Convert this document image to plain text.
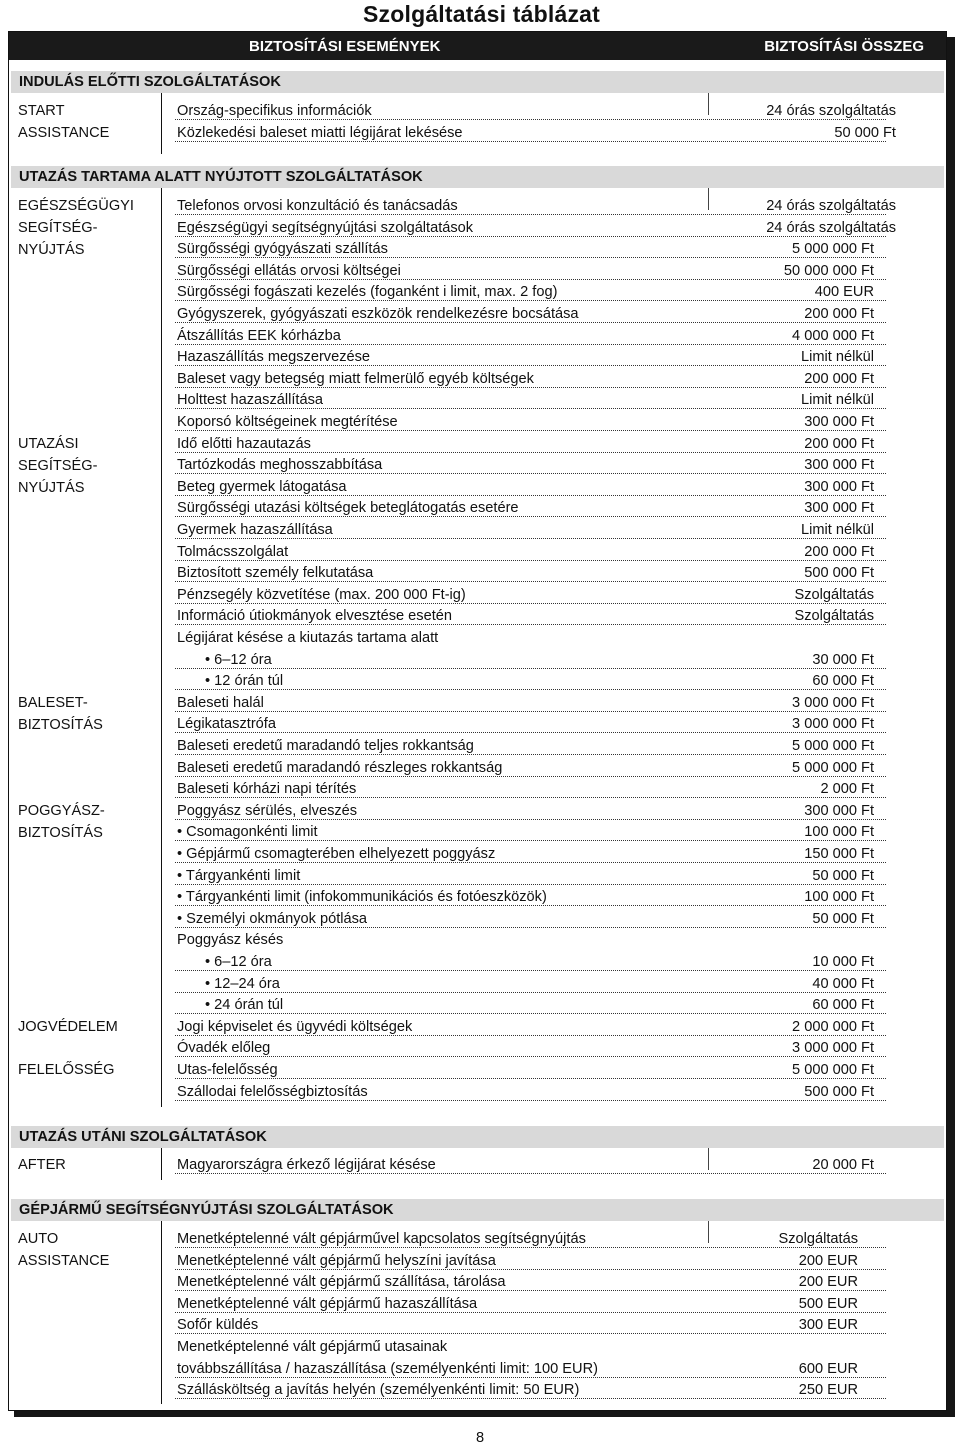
Szolgáltatási táblázat
BIZTOSÍTÁSI ESEMÉNYEK	BIZTOSÍTÁSI ÖSSZEG
INDULÁS ELŐTTI SZOLGÁLTATÁSOK
START
ASSISTANCE
Ország-specifikus információk	24 órás szolgáltatás
Közlekedési baleset miatti légijárat lekésése	50 000 Ft
UTAZÁS TARTAMA ALATT NYÚJTOTT SZOLGÁLTATÁSOK
EGÉSZSÉGÜGYI
SEGÍTSÉG-
NYÚJTÁS
Telefonos orvosi konzultáció és tanácsadás	24 órás szolgáltatás
Egészségügyi segítségnyújtási szolgáltatások	24 órás szolgáltatás
Sürgősségi gyógyászati szállítás	5 000 000 Ft
Sürgősségi ellátás orvosi költségei	50 000 000 Ft
Sürgősségi fogászati kezelés (foganként i limit, max. 2 fog)	400 EUR
Gyógyszerek, gyógyászati eszközök rendelkezésre bocsátása	200 000 Ft
Átszállítás EEK kórházba	4 000 000 Ft
Hazaszállítás megszervezése	Limit nélkül
Baleset vagy betegség miatt felmerülő egyéb költségek	200 000 Ft
Holttest hazaszállítása	Limit nélkül
Koporsó költségeinek megtérítése	300 000 Ft
UTAZÁSI
SEGÍTSÉG-
NYÚJTÁS
Idő előtti hazautazás	200 000 Ft
Tartózkodás meghosszabbítása	300 000 Ft
Beteg gyermek látogatása	300 000 Ft
Sürgősségi utazási költségek beteglátogatás esetére	300 000 Ft
Gyermek hazaszállítása	Limit nélkül
Tolmácsszolgálat	200 000 Ft
Biztosított személy felkutatása	500 000 Ft
Pénzsegély közvetítése (max. 200 000 Ft-ig)	Szolgáltatás
Információ útiokmányok elvesztése esetén	Szolgáltatás
Légijárat késése a kiutazás tartama alatt
• 6–12 óra	30 000 Ft
• 12 órán túl	60 000 Ft
BALESET-
BIZTOSÍTÁS
Baleseti halál	3 000 000 Ft
Légikatasztrófa	3 000 000 Ft
Baleseti eredetű maradandó teljes rokkantság	5 000 000 Ft
Baleseti eredetű maradandó részleges rokkantság	5 000 000 Ft
Baleseti kórházi napi térítés	2 000 Ft
POGGYÁSZ-
BIZTOSÍTÁS
Poggyász sérülés, elveszés	300 000 Ft
• Csomagonkénti limit	100 000 Ft
• Gépjármű csomagterében elhelyezett poggyász	150 000 Ft
• Tárgyankénti limit	50 000 Ft
• Tárgyankénti limit (infokommunikációs és fotóeszközök)	100 000 Ft
• Személyi okmányok pótlása	50 000 Ft
Poggyász késés
• 6–12 óra	10 000 Ft
• 12–24 óra	40 000 Ft
• 24 órán túl	60 000 Ft
JOGVÉDELEM	Jogi képviselet és ügyvédi költségek	2 000 000 Ft
Óvadék előleg	3 000 000 Ft
FELELŐSSÉG	Utas-felelősség	5 000 000 Ft
Szállodai felelősségbiztosítás	500 000 Ft
UTAZÁS UTÁNI SZOLGÁLTATÁSOK
AFTER	Magyarországra érkező légijárat késése	20 000 Ft
GÉPJÁRMŰ SEGÍTSÉGNYÚJTÁSI SZOLGÁLTATÁSOK
AUTO
ASSISTANCE
Menetképtelenné vált gépjárművel kapcsolatos segítségnyújtás	Szolgáltatás
Menetképtelenné vált gépjármű helyszíni javítása	200 EUR
Menetképtelenné vált gépjármű szállítása, tárolása	200 EUR
Menetképtelenné vált gépjármű hazaszállítása	500 EUR
Sofőr küldés	300 EUR
Menetképtelenné vált gépjármű utasainak
továbbszállítása / hazaszállítása (személyenkénti limit: 100 EUR)	600 EUR
Szállásköltség a javítás helyén (személyenkénti limit: 50 EUR)	250 EUR
8
